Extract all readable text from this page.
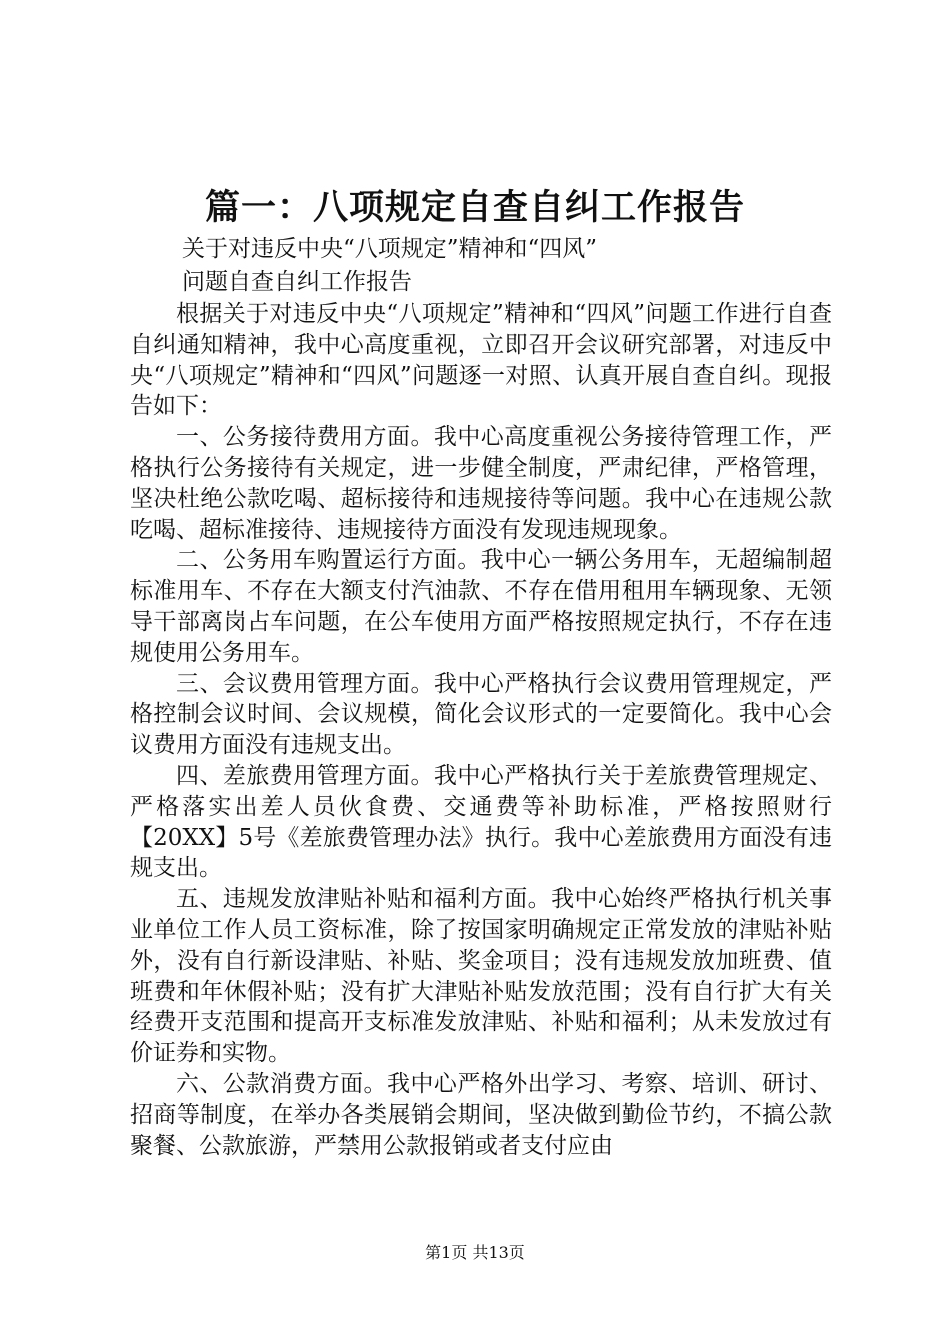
篇一：八项规定自查自纠工作报告
关于对违反中央“八项规定”精神和“四风”
问题自查自纠工作报告

根据关于对违反中央“八项规定”精神和“四风”问题工作进行自查自纠通知精神，我中心高度重视，立即召开会议研究部署，对违反中央“八项规定”精神和“四风”问题逐一对照、认真开展自查自纠。现报告如下：

一、公务接待费用方面。我中心高度重视公务接待管理工作，严格执行公务接待有关规定，进一步健全制度，严肃纪律，严格管理，坚决杜绝公款吃喝、超标接待和违规接待等问题。我中心在违规公款吃喝、超标准接待、违规接待方面没有发现违规现象。

二、公务用车购置运行方面。我中心一辆公务用车，无超编制超标准用车、不存在大额支付汽油款、不存在借用租用车辆现象、无领导干部离岗占车问题，在公车使用方面严格按照规定执行，不存在违规使用公务用车。

三、会议费用管理方面。我中心严格执行会议费用管理规定，严格控制会议时间、会议规模，简化会议形式的一定要简化。我中心会议费用方面没有违规支出。

四、差旅费用管理方面。我中心严格执行关于差旅费管理规定、严格落实出差人员伙食费、交通费等补助标准，严格按照财行【20XX】5号《差旅费管理办法》执行。我中心差旅费用方面没有违规支出。

五、违规发放津贴补贴和福利方面。我中心始终严格执行机关事业单位工作人员工资标准，除了按国家明确规定正常发放的津贴补贴外，没有自行新设津贴、补贴、奖金项目；没有违规发放加班费、值班费和年休假补贴；没有扩大津贴补贴发放范围；没有自行扩大有关经费开支范围和提高开支标准发放津贴、补贴和福利；从未发放过有价证券和实物。

六、公款消费方面。我中心严格外出学习、考察、培训、研讨、招商等制度，在举办各类展销会期间，坚决做到勤俭节约，不搞公款聚餐、公款旅游，严禁用公款报销或者支付应由

第1页 共13页
